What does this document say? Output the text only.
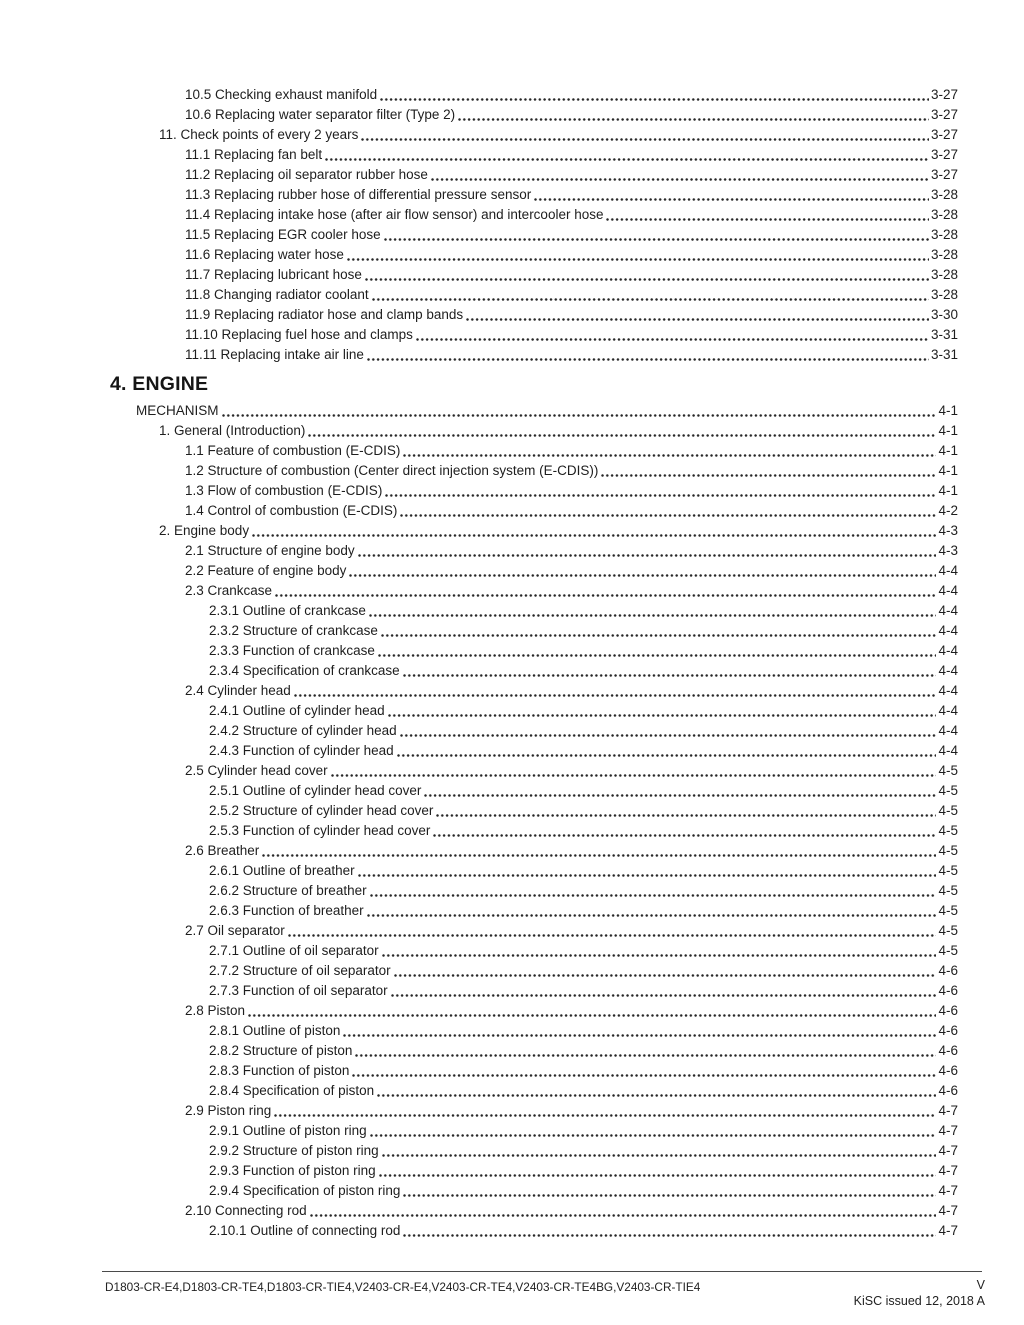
10.5 Checking exhaust manifold	3-27
10.6 Replacing water separator filter (Type 2)	3-27
11. Check points of every 2 years	3-27
11.1 Replacing fan belt	3-27
11.2 Replacing oil separator rubber hose	3-27
11.3 Replacing rubber hose of differential pressure sensor	3-28
11.4 Replacing intake hose (after air flow sensor) and intercooler hose	3-28
11.5 Replacing EGR cooler hose	3-28
11.6 Replacing water hose	3-28
11.7 Replacing lubricant hose	3-28
11.8 Changing radiator coolant	3-28
11.9 Replacing radiator hose and clamp bands	3-30
11.10 Replacing fuel hose and clamps	3-31
11.11 Replacing intake air line	3-31
4. ENGINE
MECHANISM	4-1
1. General (Introduction)	4-1
1.1 Feature of combustion (E-CDIS)	4-1
1.2 Structure of combustion (Center direct injection system (E-CDIS))	4-1
1.3 Flow of combustion (E-CDIS)	4-1
1.4 Control of combustion (E-CDIS)	4-2
2. Engine body	4-3
2.1 Structure of engine body	4-3
2.2 Feature of engine body	4-4
2.3 Crankcase	4-4
2.3.1 Outline of crankcase	4-4
2.3.2 Structure of crankcase	4-4
2.3.3 Function of crankcase	4-4
2.3.4 Specification of crankcase	4-4
2.4 Cylinder head	4-4
2.4.1 Outline of cylinder head	4-4
2.4.2 Structure of cylinder head	4-4
2.4.3 Function of cylinder head	4-4
2.5 Cylinder head cover	4-5
2.5.1 Outline of cylinder head cover	4-5
2.5.2 Structure of cylinder head cover	4-5
2.5.3 Function of cylinder head cover	4-5
2.6 Breather	4-5
2.6.1 Outline of breather	4-5
2.6.2 Structure of breather	4-5
2.6.3 Function of breather	4-5
2.7 Oil separator	4-5
2.7.1 Outline of oil separator	4-5
2.7.2 Structure of oil separator	4-6
2.7.3 Function of oil separator	4-6
2.8 Piston	4-6
2.8.1 Outline of piston	4-6
2.8.2 Structure of piston	4-6
2.8.3 Function of piston	4-6
2.8.4 Specification of piston	4-6
2.9 Piston ring	4-7
2.9.1 Outline of piston ring	4-7
2.9.2 Structure of piston ring	4-7
2.9.3 Function of piston ring	4-7
2.9.4 Specification of piston ring	4-7
2.10 Connecting rod	4-7
2.10.1 Outline of connecting rod	4-7
D1803-CR-E4,D1803-CR-TE4,D1803-CR-TIE4,V2403-CR-E4,V2403-CR-TE4,V2403-CR-TE4BG,V2403-CR-TIE4	V
KiSC issued 12, 2018 A
